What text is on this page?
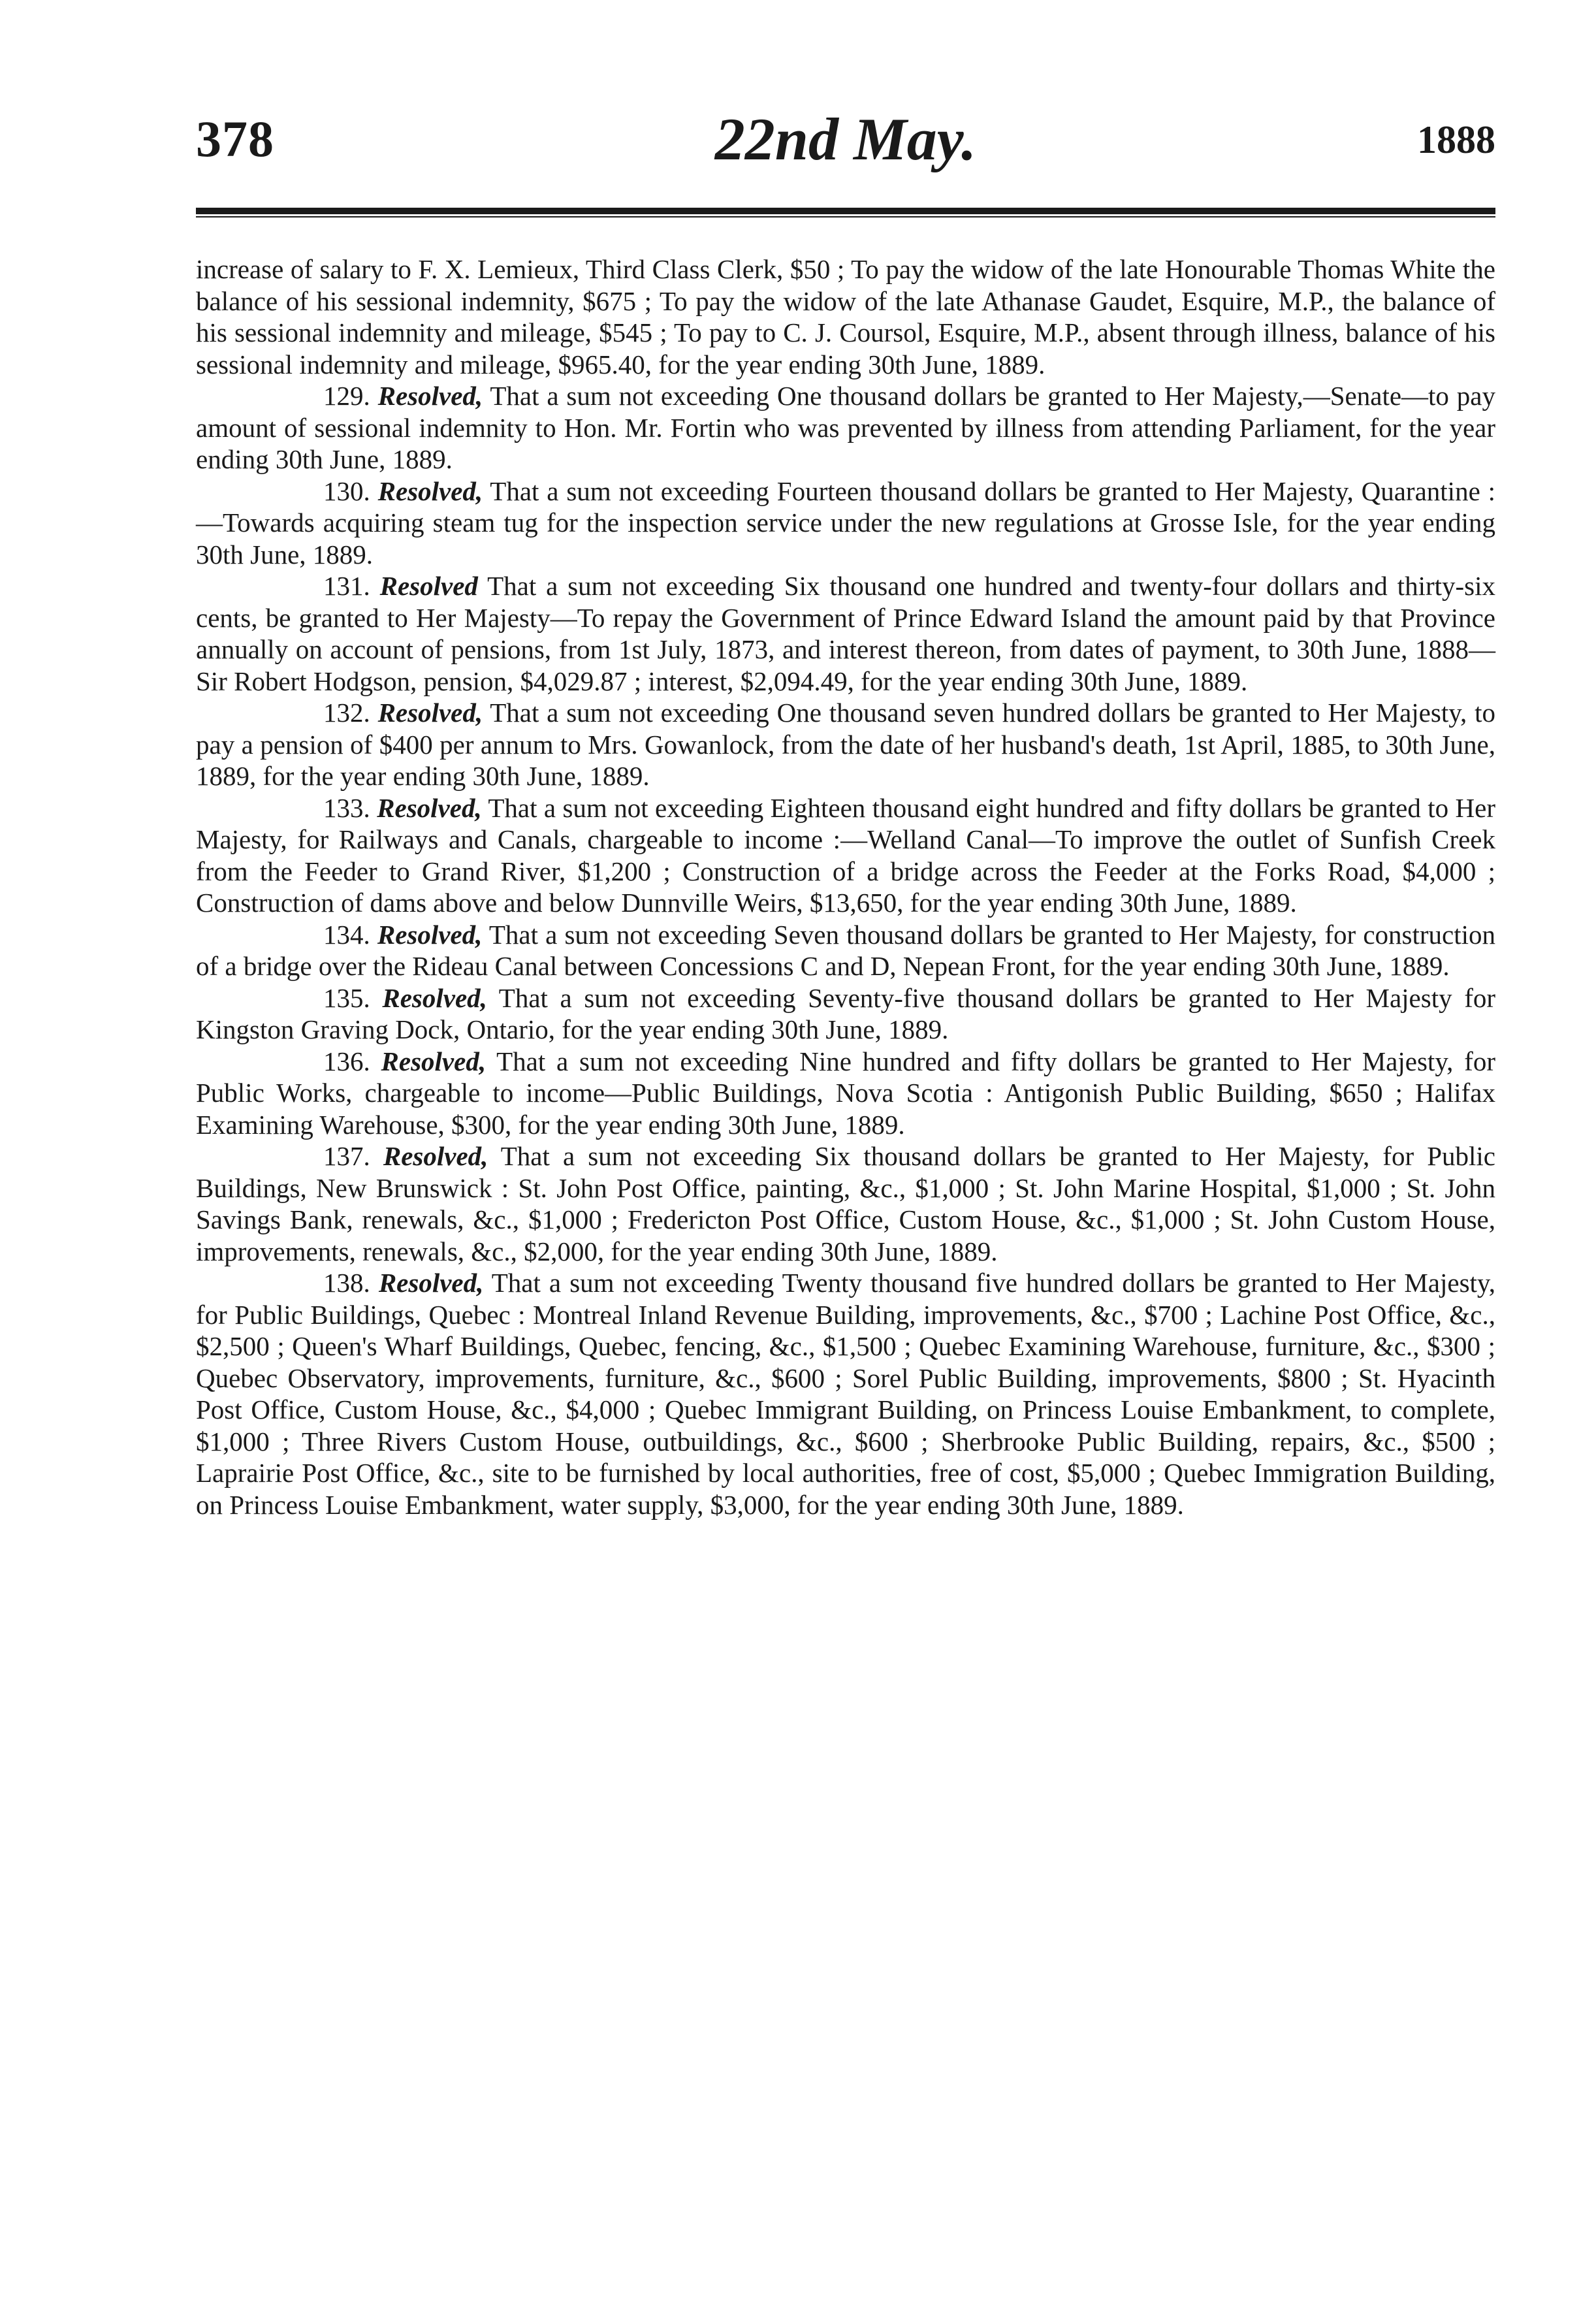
378	22nd May.	1888

increase of salary to F. X. Lemieux, Third Class Clerk, $50 ; To pay the widow of the late Honourable Thomas White the balance of his sessional indemnity, $675 ; To pay the widow of the late Athanase Gaudet, Esquire, M.P., the balance of his sessional indemnity and mileage, $545 ; To pay to C. J. Coursol, Esquire, M.P., absent through illness, balance of his sessional indemnity and mileage, $965.40, for the year ending 30th June, 1889.

129. Resolved, That a sum not exceeding One thousand dollars be granted to Her Majesty,—Senate—to pay amount of sessional indemnity to Hon. Mr. Fortin who was prevented by illness from attending Parliament, for the year ending 30th June, 1889.

130. Resolved, That a sum not exceeding Fourteen thousand dollars be granted to Her Majesty, Quarantine :—Towards acquiring steam tug for the inspection service under the new regulations at Grosse Isle, for the year ending 30th June, 1889.

131. Resolved That a sum not exceeding Six thousand one hundred and twenty-four dollars and thirty-six cents, be granted to Her Majesty—To repay the Government of Prince Edward Island the amount paid by that Province annually on account of pensions, from 1st July, 1873, and interest thereon, from dates of payment, to 30th June, 1888—Sir Robert Hodgson, pension, $4,029.87 ; interest, $2,094.49, for the year ending 30th June, 1889.

132. Resolved, That a sum not exceeding One thousand seven hundred dollars be granted to Her Majesty, to pay a pension of $400 per annum to Mrs. Gowanlock, from the date of her husband's death, 1st April, 1885, to 30th June, 1889, for the year ending 30th June, 1889.

133. Resolved, That a sum not exceeding Eighteen thousand eight hundred and fifty dollars be granted to Her Majesty, for Railways and Canals, chargeable to income :—Welland Canal—To improve the outlet of Sunfish Creek from the Feeder to Grand River, $1,200 ; Construction of a bridge across the Feeder at the Forks Road, $4,000 ; Construction of dams above and below Dunnville Weirs, $13,650, for the year ending 30th June, 1889.

134. Resolved, That a sum not exceeding Seven thousand dollars be granted to Her Majesty, for construction of a bridge over the Rideau Canal between Concessions C and D, Nepean Front, for the year ending 30th June, 1889.

135. Resolved, That a sum not exceeding Seventy-five thousand dollars be granted to Her Majesty for Kingston Graving Dock, Ontario, for the year ending 30th June, 1889.

136. Resolved, That a sum not exceeding Nine hundred and fifty dollars be granted to Her Majesty, for Public Works, chargeable to income—Public Buildings, Nova Scotia : Antigonish Public Building, $650 ; Halifax Examining Warehouse, $300, for the year ending 30th June, 1889.

137. Resolved, That a sum not exceeding Six thousand dollars be granted to Her Majesty, for Public Buildings, New Brunswick : St. John Post Office, painting, &c., $1,000 ; St. John Marine Hospital, $1,000 ; St. John Savings Bank, renewals, &c., $1,000 ; Fredericton Post Office, Custom House, &c., $1,000 ; St. John Custom House, improvements, renewals, &c., $2,000, for the year ending 30th June, 1889.

138. Resolved, That a sum not exceeding Twenty thousand five hundred dollars be granted to Her Majesty, for Public Buildings, Quebec : Montreal Inland Revenue Building, improvements, &c., $700 ; Lachine Post Office, &c., $2,500 ; Queen's Wharf Buildings, Quebec, fencing, &c., $1,500 ; Quebec Examining Warehouse, furniture, &c., $300 ; Quebec Observatory, improvements, furniture, &c., $600 ; Sorel Public Building, improvements, $800 ; St. Hyacinth Post Office, Custom House, &c., $4,000 ; Quebec Immigrant Building, on Princess Louise Embankment, to complete, $1,000 ; Three Rivers Custom House, outbuildings, &c., $600 ; Sherbrooke Public Building, repairs, &c., $500 ; Laprairie Post Office, &c., site to be furnished by local authorities, free of cost, $5,000 ; Quebec Immigration Building, on Princess Louise Embankment, water supply, $3,000, for the year ending 30th June, 1889.
